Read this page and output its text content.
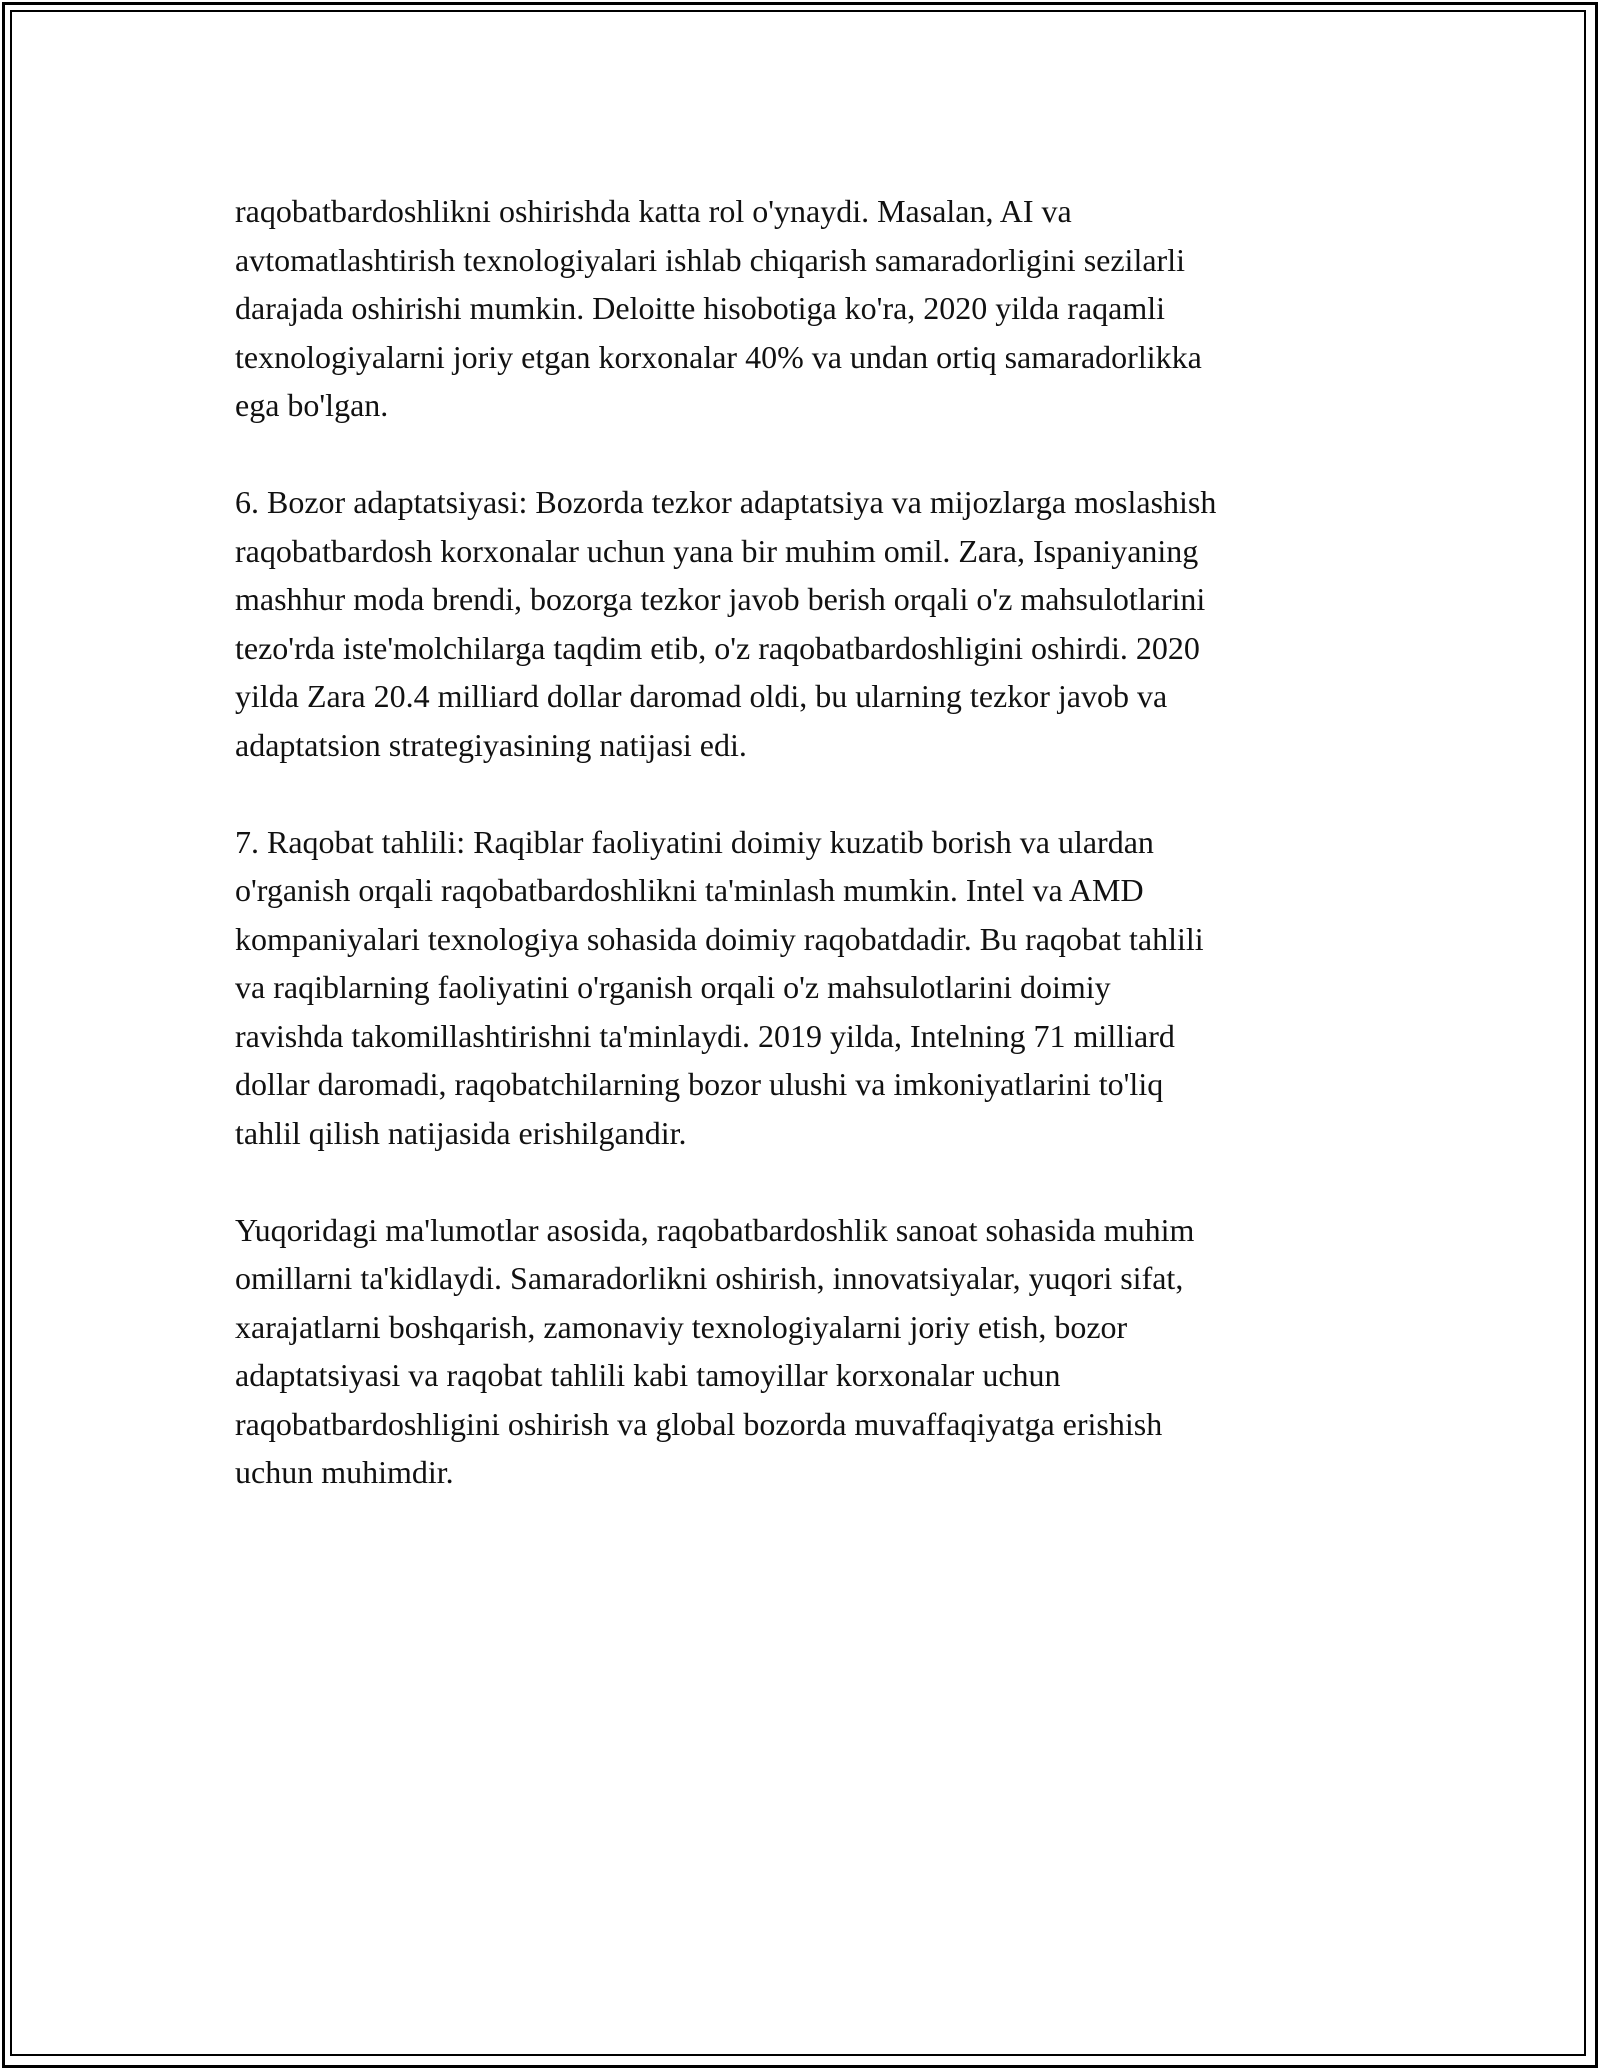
raqobatbardoshlikni oshirishda katta rol o'ynaydi. Masalan, AI va
avtomatlashtirish texnologiyalari ishlab chiqarish samaradorligini sezilarli
darajada oshirishi mumkin. Deloitte hisobotiga ko'ra, 2020 yilda raqamli
texnologiyalarni joriy etgan korxonalar 40% va undan ortiq samaradorlikka
ega bo'lgan.

6. Bozor adaptatsiyasi: Bozorda tezkor adaptatsiya va mijozlarga moslashish
raqobatbardosh korxonalar uchun yana bir muhim omil. Zara, Ispaniyaning
mashhur moda brendi, bozorga tezkor javob berish orqali o'z mahsulotlarini
tezo'rda iste'molchilarga taqdim etib, o'z raqobatbardoshligini oshirdi. 2020
yilda Zara 20.4 milliard dollar daromad oldi, bu ularning tezkor javob va
adaptatsion strategiyasining natijasi edi.

7. Raqobat tahlili: Raqiblar faoliyatini doimiy kuzatib borish va ulardan
o'rganish orqali raqobatbardoshlikni ta'minlash mumkin. Intel va AMD
kompaniyalari texnologiya sohasida doimiy raqobatdadir. Bu raqobat tahlili
va raqiblarning faoliyatini o'rganish orqali o'z mahsulotlarini doimiy
ravishda takomillashtirishni ta'minlaydi. 2019 yilda, Intelning 71 milliard
dollar daromadi, raqobatchilarning bozor ulushi va imkoniyatlarini to'liq
tahlil qilish natijasida erishilgandir.

Yuqoridagi ma'lumotlar asosida, raqobatbardoshlik sanoat sohasida muhim
omillarni ta'kidlaydi. Samaradorlikni oshirish, innovatsiyalar, yuqori sifat,
xarajatlarni boshqarish, zamonaviy texnologiyalarni joriy etish, bozor
adaptatsiyasi va raqobat tahlili kabi tamoyillar korxonalar uchun
raqobatbardoshligini oshirish va global bozorda muvaffaqiyatga erishish
uchun muhimdir.
